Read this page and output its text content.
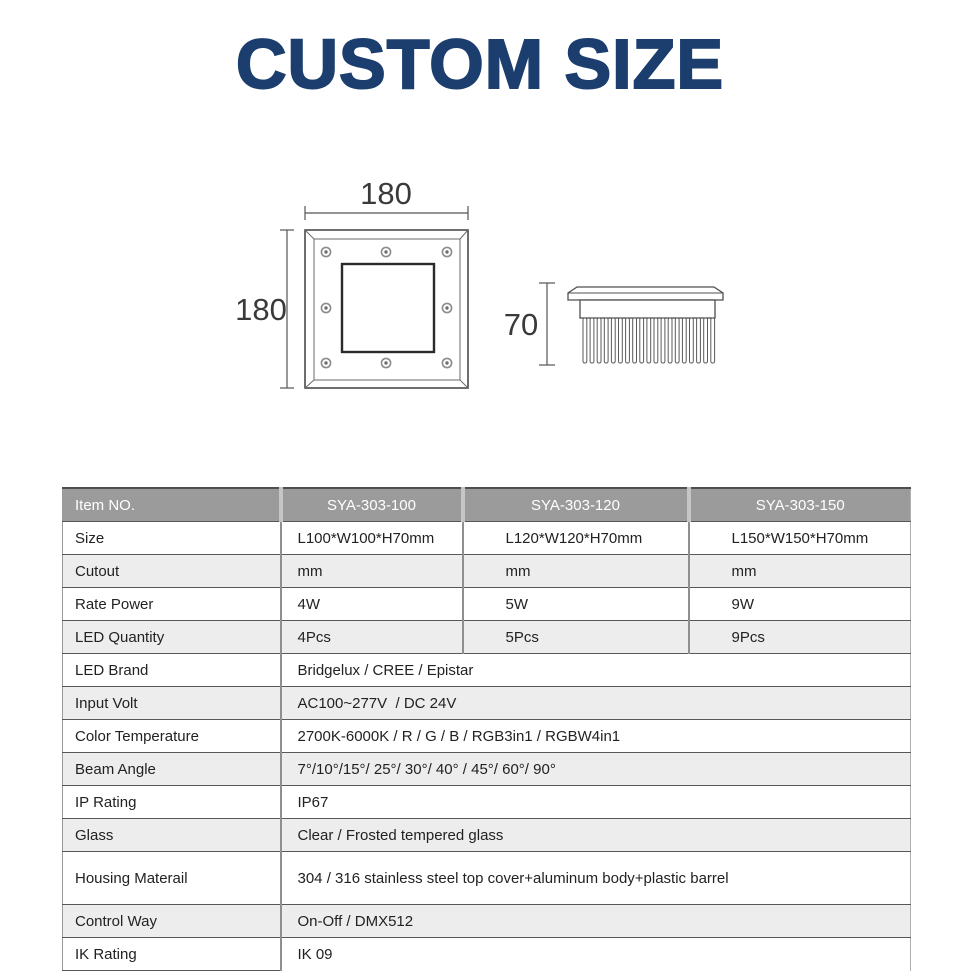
CUSTOM SIZE
180
180	70
Item NO.	SYA-303-100	SYA-303-120	SYA-303-150
Size	L100*W100*H70mm	L120*W120*H70mm	L150*W150*H70mm
Cutout	mm	mm	mm
Rate Power	4W	5W	9W
LED Quantity	4Pcs	5Pcs	9Pcs
LED Brand	Bridgelux / CREE / Epistar		
Input Volt	AC100~277V  / DC 24V		
Color Temperature	2700K-6000K / R / G / B / RGB3in1 / RGBW4in1		
Beam Angle	7°/10°/15°/ 25°/ 30°/ 40° / 45°/ 60°/ 90°		
IP Rating	IP67		
Glass	Clear / Frosted tempered glass		
Housing Materail	304 / 316 stainless steel top cover+aluminum body+plastic barrel		
Control Way	On-Off / DMX512		
IK Rating	IK 09		
